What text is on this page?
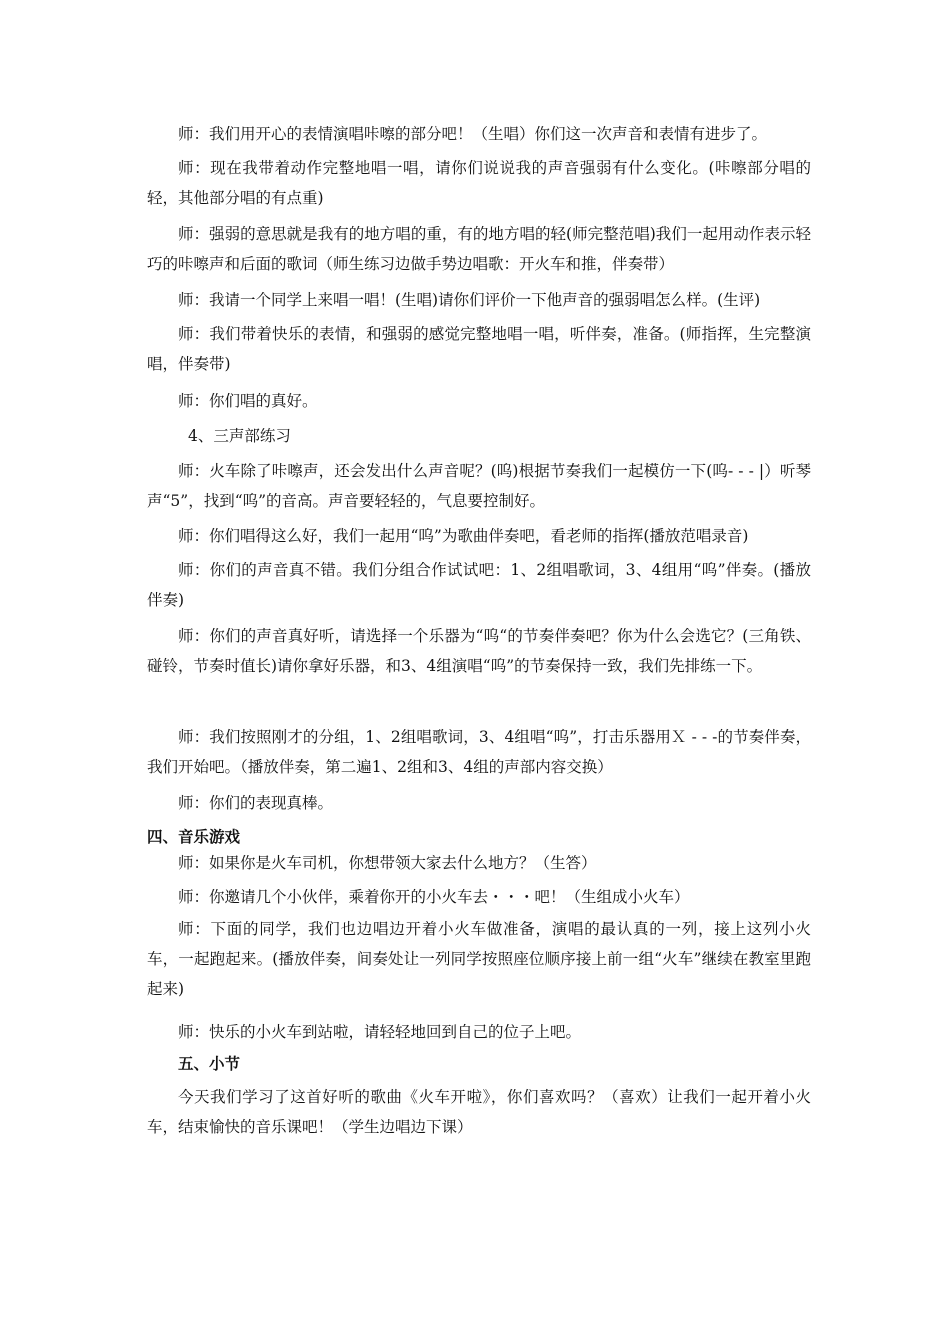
师：我们用开心的表情演唱咔嚓的部分吧！（生唱）你们这一次声音和表情有进步了。

师：现在我带着动作完整地唱一唱，请你们说说我的声音强弱有什么变化。(咔嚓部分唱的轻，其他部分唱的有点重)

师：强弱的意思就是我有的地方唱的重，有的地方唱的轻(师完整范唱)我们一起用动作表示轻巧的咔嚓声和后面的歌词（师生练习边做手势边唱歌：开火车和推，伴奏带）

师：我请一个同学上来唱一唱！(生唱)请你们评价一下他声音的强弱唱怎么样。(生评)

师：我们带着快乐的表情，和强弱的感觉完整地唱一唱，听伴奏，准备。(师指挥，生完整演唱，伴奏带)

师：你们唱的真好。

4、三声部练习

师：火车除了咔嚓声，还会发出什么声音呢？(呜)根据节奏我们一起模仿一下(呜- - - |）听琴声“5”，找到“呜”的音高。声音要轻轻的，气息要控制好。

师：你们唱得这么好，我们一起用“呜”为歌曲伴奏吧，看老师的指挥(播放范唱录音)

师：你们的声音真不错。我们分组合作试试吧：1、2组唱歌词，3、4组用“呜”伴奏。(播放伴奏)

师：你们的声音真好听，请选择一个乐器为“呜“的节奏伴奏吧？你为什么会选它？(三角铁、碰铃，节奏时值长)请你拿好乐器，和3、4组演唱“呜”的节奏保持一致，我们先排练一下。

师：我们按照刚才的分组，1、2组唱歌词，3、4组唱“呜”，打击乐器用Ｘ - - -的节奏伴奏，我们开始吧。（播放伴奏，第二遍1、2组和3、4组的声部内容交换）

师：你们的表现真棒。

四、音乐游戏

师：如果你是火车司机，你想带领大家去什么地方？（生答）

师：你邀请几个小伙伴，乘着你开的小火车去・・・吧！（生组成小火车）

师：下面的同学，我们也边唱边开着小火车做准备，演唱的最认真的一列，接上这列小火车，一起跑起来。(播放伴奏，间奏处让一列同学按照座位顺序接上前一组“火车”继续在教室里跑起来)

师：快乐的小火车到站啦，请轻轻地回到自己的位子上吧。

五、小节

今天我们学习了这首好听的歌曲《火车开啦》，你们喜欢吗？（喜欢）让我们一起开着小火车，结束愉快的音乐课吧！（学生边唱边下课）
